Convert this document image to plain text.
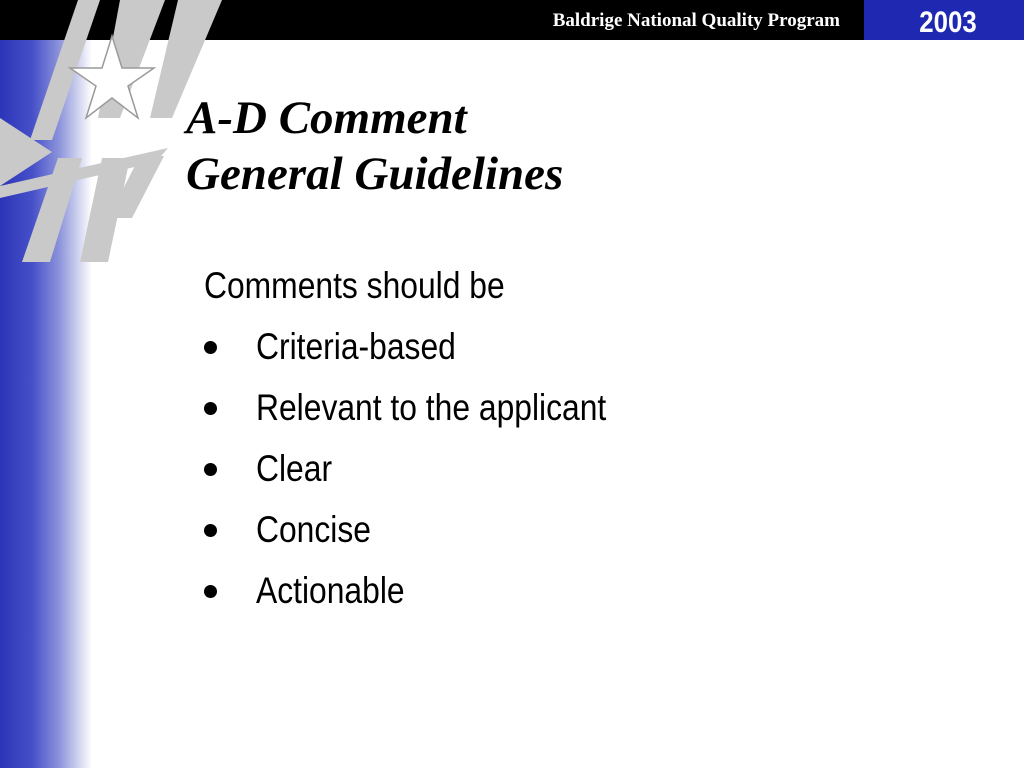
Baldrige National Quality Program	2003
A-D Comment
General Guidelines
Comments should be
Criteria-based
Relevant to the applicant
Clear
Concise
Actionable
